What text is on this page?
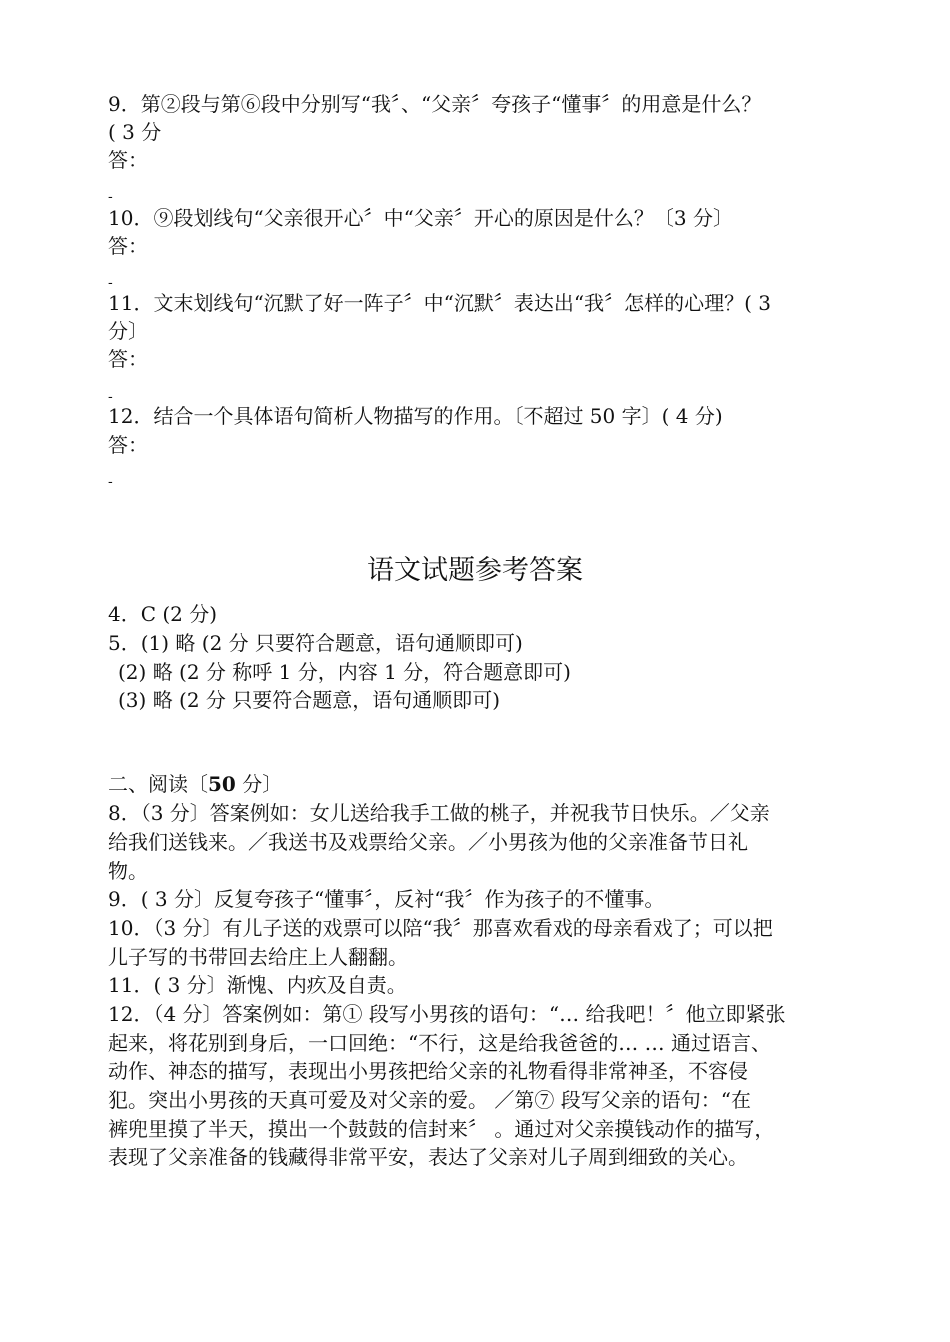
9．第②段与第⑥段中分别写“我〞、“父亲〞夸孩子“懂事〞的用意是什么？
( 3 分
答：
-
10．⑨段划线句“父亲很开心〞中“父亲〞开心的原因是什么？〔3 分〕
答：
-
11．文末划线句“沉默了好一阵子〞中“沉默〞表达出“我〞怎样的心理？( 3
分〕
答：
-
12．结合一个具体语句简析人物描写的作用。〔不超过 50 字〕( 4 分)
答：
-
语文试题参考答案
4．C (2 分)
5．(1) 略 (2 分 只要符合题意，语句通顺即可)
(2) 略 (2 分 称呼 1 分，内容 1 分，符合题意即可)
(3) 略 (2 分 只要符合题意，语句通顺即可)
二、阅读〔50 分〕
8．（3 分〕答案例如：女儿送给我手工做的桃子，并祝我节日快乐。／父亲
给我们送钱来。／我送书及戏票给父亲。／小男孩为他的父亲准备节日礼
物。
9．( 3 分〕反复夸孩子“懂事〞，反衬“我〞作为孩子的不懂事。
10．（3 分〕有儿子送的戏票可以陪“我〞那喜欢看戏的母亲看戏了；可以把
儿子写的书带回去给庄上人翻翻。
11．( 3 分〕渐愧、内疚及自责。
12．（4 分〕答案例如：第① 段写小男孩的语句：“… 给我吧！〞他立即紧张
起来，将花别到身后，一口回绝：“不行，这是给我爸爸的… … 通过语言、
动作、神态的描写，表现出小男孩把给父亲的礼物看得非常神圣，不容侵
犯。突出小男孩的天真可爱及对父亲的爱。 ／第⑦ 段写父亲的语句：“在
裤兜里摸了半天，摸出一个鼓鼓的信封来〞 。通过对父亲摸钱动作的描写，
表现了父亲准备的钱藏得非常平安，表达了父亲对儿子周到细致的关心。
